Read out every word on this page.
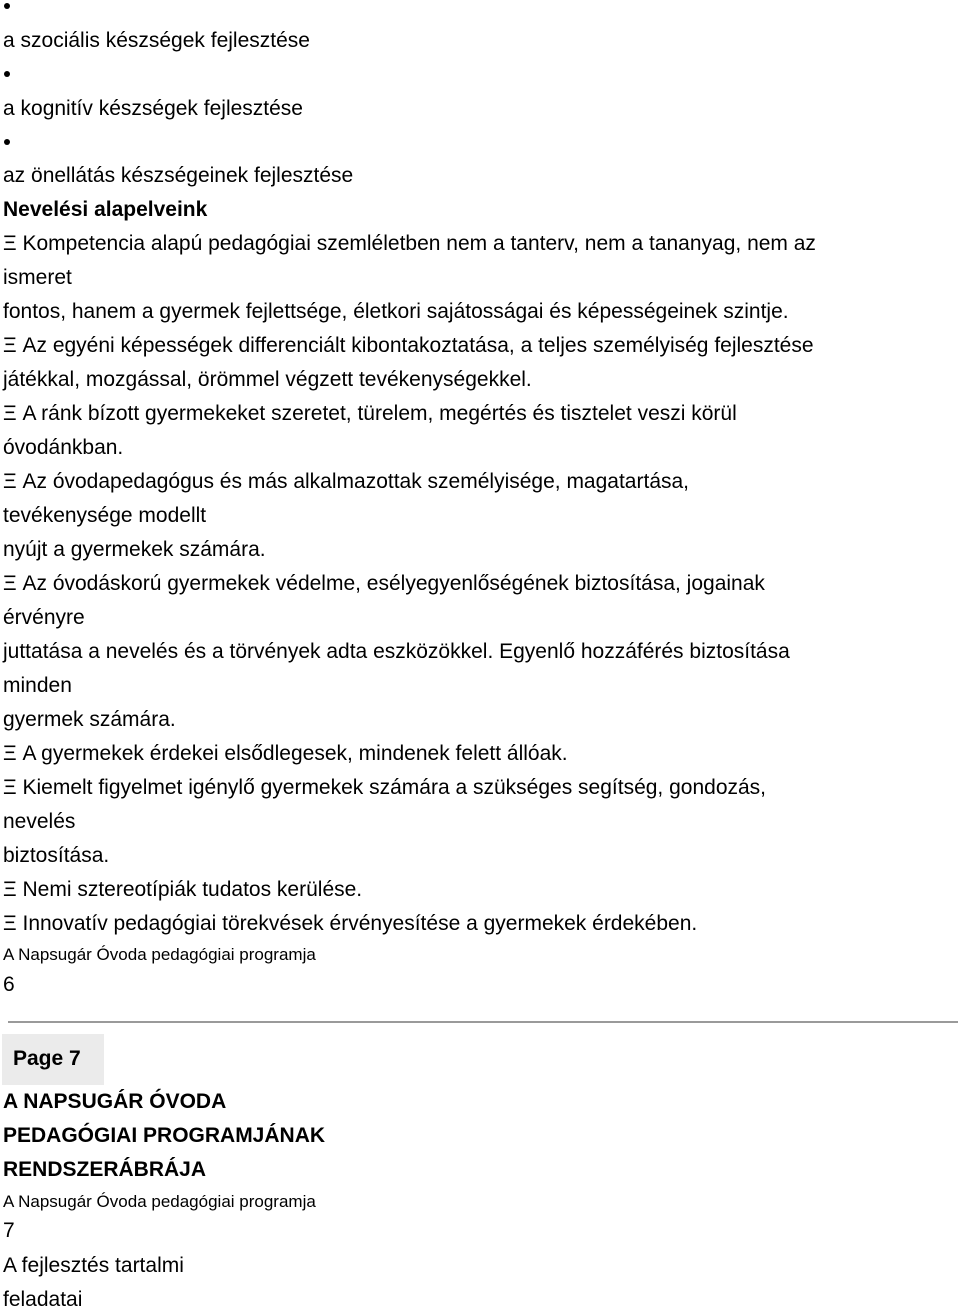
a szociális készségek fejlesztése

a kognitív készségek fejlesztése

az önellátás készségeinek fejlesztése

Nevelési alapelveink

Ξ Kompetencia alapú pedagógiai szemléletben nem a tanterv, nem a tananyag, nem az

ismeret

fontos, hanem a gyermek fejlettsége, életkori sajátosságai és képességeinek szintje.

Ξ Az egyéni képességek differenciált kibontakoztatása, a teljes személyiség fejlesztése

játékkal, mozgással, örömmel végzett tevékenységekkel.

Ξ A ránk bízott gyermekeket szeretet, türelem, megértés és tisztelet veszi körül

óvodánkban.

Ξ Az óvodapedagógus és más alkalmazottak személyisége, magatartása,

tevékenysége modellt

nyújt a gyermekek számára.

Ξ Az óvodáskorú gyermekek védelme, esélyegyenlőségének biztosítása, jogainak

érvényre

juttatása a nevelés és a törvények adta eszközökkel. Egyenlő hozzáférés biztosítása

minden

gyermek számára.

Ξ A gyermekek érdekei elsődlegesek, mindenek felett állóak.

Ξ Kiemelt figyelmet igénylő gyermekek számára a szükséges segítség, gondozás,

nevelés

biztosítása.

Ξ Nemi sztereotípiák tudatos kerülése.

Ξ Innovatív pedagógiai törekvések érvényesítése a gyermekek érdekében.

A Napsugár Óvoda pedagógiai programja

6

Page 7

A NAPSUGÁR ÓVODA

PEDAGÓGIAI PROGRAMJÁNAK

RENDSZERÁBRÁJA

A Napsugár Óvoda pedagógiai programja

7

A fejlesztés tartalmi

feladatai
